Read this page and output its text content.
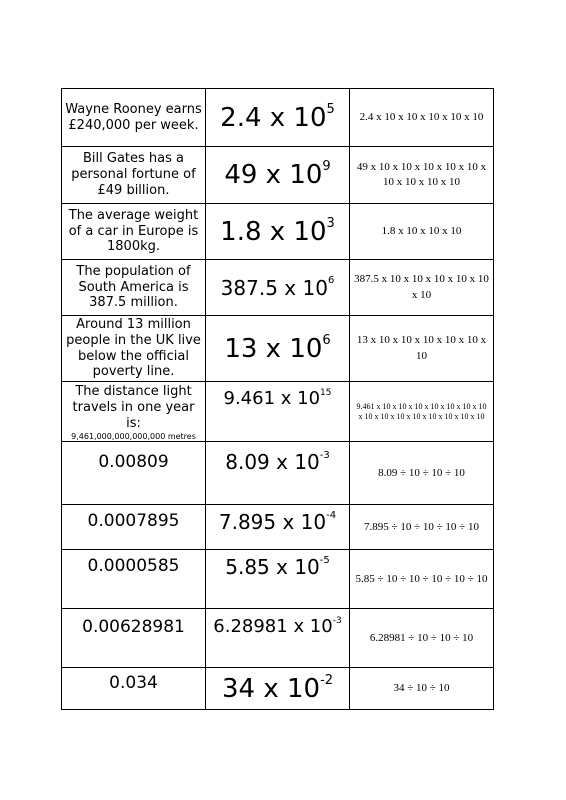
Wayne Rooney earns £240,000 per week.	2.4 x $10^5$	2.4 x 10 x 10 x 10 x 10 x 10
Bill Gates has a personal fortune of £49 billion.	49 x $10^9$	49 x 10 x 10 x 10 x 10 x 10 x 10 x 10 x 10 x 10
The average weight of a car in Europe is 1800kg.	1.8 x $10^3$	1.8 x 10 x 10 x 10
The population of South America is 387.5 million.	387.5 x $10^6$	387.5 x 10 x 10 x 10 x 10 x 10 x 10
Around 13 million people in the UK live below the official poverty line.	13 x $10^6$	13 x 10 x 10 x 10 x 10 x 10 x 10
The distance light travels in one year is:
9,461,000,000,000,000 metres	9.461 x $10^{15}$	9.461 x 10 x 10 x 10 x 10 x 10 x 10 x 10 x 10 x 10 x 10 x 10 x 10 x 10 x 10 x 10
0.00809	8.09 x $10^{-3}$	8.09 ÷ 10 ÷ 10 ÷ 10
0.0007895	7.895 x $10^{-4}$	7.895 ÷ 10 ÷ 10 ÷ 10 ÷ 10
0.0000585	5.85 x $10^{-5}$	5.85 ÷ 10 ÷ 10 ÷ 10 ÷ 10 ÷ 10
0.00628981	6.28981 x $10^{-3}$	6.28981 ÷ 10 ÷ 10 ÷ 10
0.034	34 x $10^{-2}$	34 ÷ 10 ÷ 10
